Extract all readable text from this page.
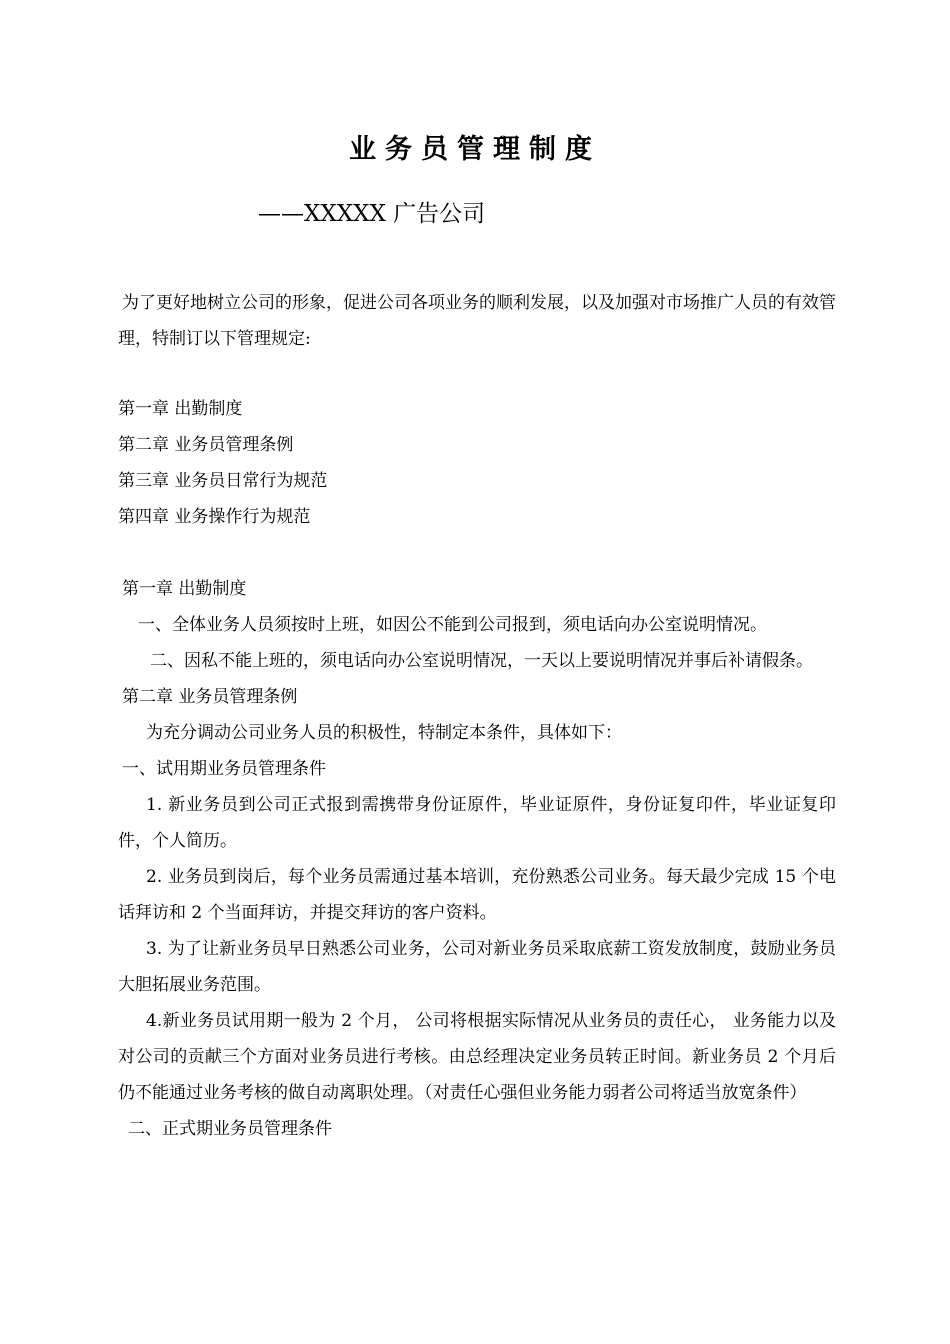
业务员管理制度
——XXXXX 广告公司
为了更好地树立公司的形象，促进公司各项业务的顺利发展，以及加强对市场推广人员的有效管理，特制订以下管理规定:
第一章 出勤制度
第二章 业务员管理条例
第三章 业务员日常行为规范
第四章 业务操作行为规范
第一章 出勤制度
一、全体业务人员须按时上班，如因公不能到公司报到，须电话向办公室说明情况。
二、因私不能上班的，须电话向办公室说明情况，一天以上要说明情况并事后补请假条。
第二章 业务员管理条例
为充分调动公司业务人员的积极性，特制定本条件，具体如下：
一、试用期业务员管理条件
1. 新业务员到公司正式报到需携带身份证原件，毕业证原件，身份证复印件，毕业证复印件，个人简历。
2. 业务员到岗后，每个业务员需通过基本培训，充份熟悉公司业务。每天最少完成 15 个电话拜访和 2 个当面拜访，并提交拜访的客户资料。
3. 为了让新业务员早日熟悉公司业务，公司对新业务员采取底薪工资发放制度，鼓励业务员大胆拓展业务范围。
4.新业务员试用期一般为 2 个月， 公司将根据实际情况从业务员的责任心， 业务能力以及对公司的贡献三个方面对业务员进行考核。由总经理决定业务员转正时间。新业务员 2 个月后仍不能通过业务考核的做自动离职处理。（对责任心强但业务能力弱者公司将适当放宽条件）
二、正式期业务员管理条件
